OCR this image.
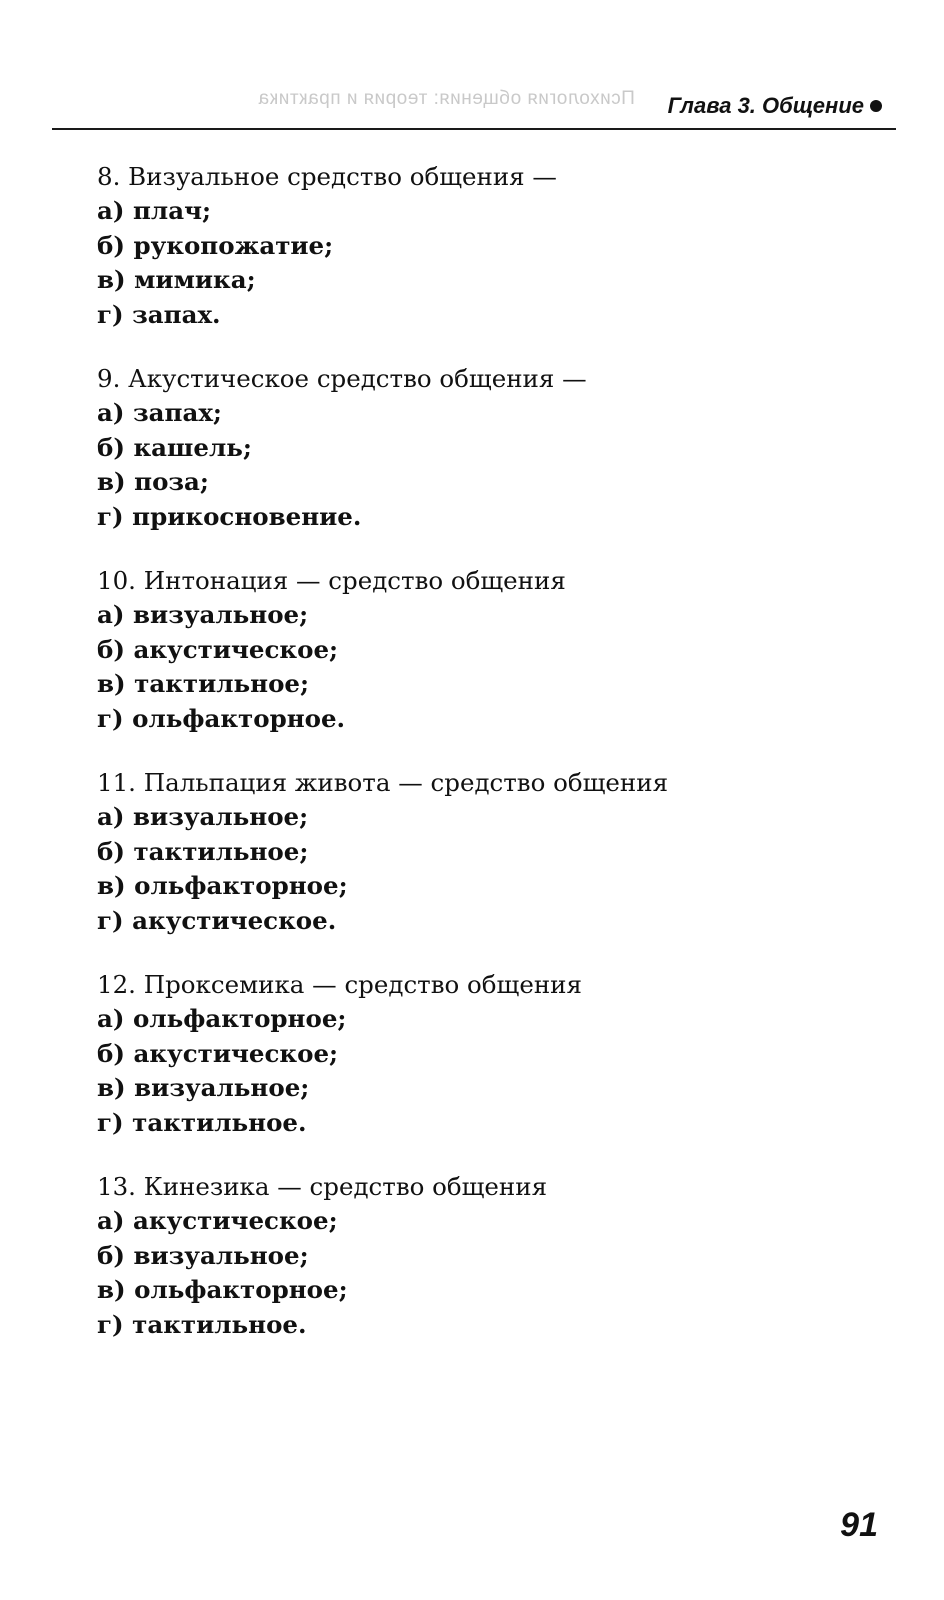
Психология общения: теория и практика Глава 3. Общение
8. Визуальное средство общения —
а) плач;
б) рукопожатие;
в) мимика;
г) запах.
9. Акустическое средство общения —
а) запах;
б) кашель;
в) поза;
г) прикосновение.
10. Интонация — средство общения
а) визуальное;
б) акустическое;
в) тактильное;
г) ольфакторное.
11. Пальпация живота — средство общения
а) визуальное;
б) тактильное;
в) ольфакторное;
г) акустическое.
12. Проксемика — средство общения
а) ольфакторное;
б) акустическое;
в) визуальное;
г) тактильное.
13. Кинезика — средство общения
а) акустическое;
б) визуальное;
в) ольфакторное;
г) тактильное.
91
